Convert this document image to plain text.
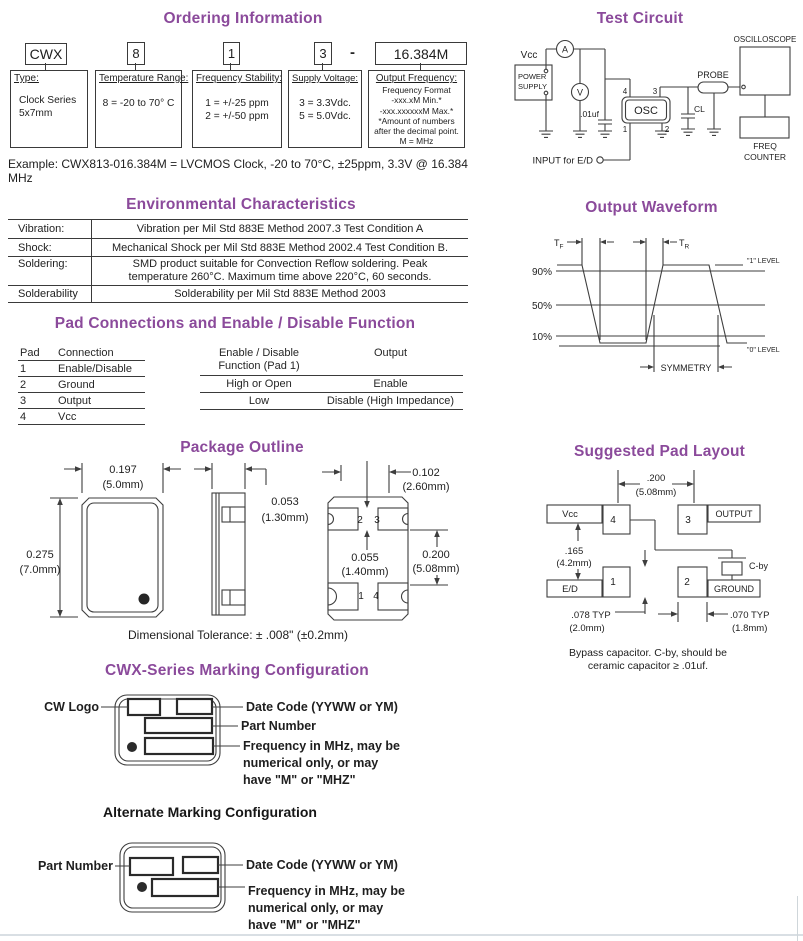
Ordering Information
CWX	8	1	3	-	16.384M
Type:
Clock Series
5x7mm
Temperature Range:
8 = -20 to 70° C
Frequency Stability:
1 = +/-25 ppm
2 = +/-50 ppm
Supply Voltage:
3 = 3.3Vdc.
5 = 5.0Vdc.
Output Frequency:
Frequency Format
-xxx.xM Min.*
-xxx.xxxxxxM Max.*
*Amount of numbers
after the decimal point.
M = MHz
Example: CWX813-016.384M = LVCMOS Clock, -20 to 70°C, ±25ppm, 3.3V @ 16.384 MHz
Test Circuit
A
V
POWER
SUPPLY
Vcc
.01uf	OSC
4	3
1	2
INPUT for E/D
CL
PROBE
OSCILLOSCOPE
FREQ
COUNTER
Environmental Characteristics
Vibration:	Vibration per Mil Std 883E Method 2007.3 Test Condition A
Shock:	Mechanical Shock per Mil Std 883E Method 2002.4 Test Condition B.
Soldering:	SMD product suitable for Convection Reflow soldering. Peak
temperature 260°C. Maximum time above 220°C, 60 seconds.
Solderability	Solderability per Mil Std 883E Method 2003
Output Waveform
90%
50%
10%
$T_F$	$T_R$
"1" LEVEL
"0" LEVEL
SYMMETRY
Pad Connections and Enable / Disable Function
Pad	Connection
1	Enable/Disable
2	Ground
3	Output
4	Vcc
Enable / Disable
Function (Pad 1)
Output
High or Open	Enable
Low	Disable (High Impedance)
Package Outline
0.197
(5.0mm)
0.275
(7.0mm)
0.053
(1.30mm)	2 3
1 4
0.102
(2.60mm)
0.055
(1.40mm)
0.200
(5.08mm)
Dimensional Tolerance: ± .008" (±0.2mm)
Suggested Pad Layout
Vcc
4	3
OUTPUT
E/D
1	2
GROUND
.200
(5.08mm)
.165
(4.2mm)
.078 TYP
(2.0mm)
.070 TYP
(1.8mm)
C-by
Bypass capacitor. C-by, should be
ceramic capacitor ≥ .01uf.
CWX-Series Marking Configuration
CW Logo	Date Code (YYWW or YM)
Part Number
Frequency in MHz, may be
numerical only, or may
have "M" or "MHZ"
Alternate Marking Configuration
Part Number	Date Code (YYWW or YM)
Frequency in MHz, may be
numerical only, or may
have "M" or "MHZ"
